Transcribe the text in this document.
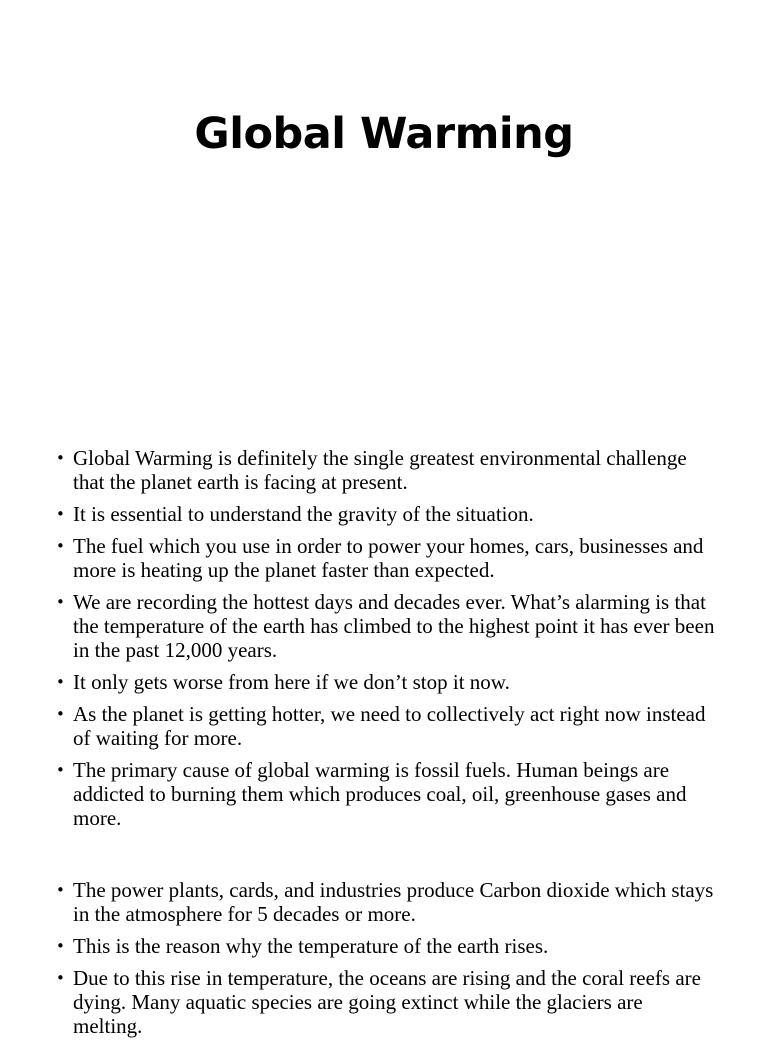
Global Warming
• Global Warming is definitely the single greatest environmental challenge that the planet earth is facing at present.
• It is essential to understand the gravity of the situation.
• The fuel which you use in order to power your homes, cars, businesses and more is heating up the planet faster than expected.
• We are recording the hottest days and decades ever. What’s alarming is that the temperature of the earth has climbed to the highest point it has ever been in the past 12,000 years.
• It only gets worse from here if we don’t stop it now.
• As the planet is getting hotter, we need to collectively act right now instead of waiting for more.
• The primary cause of global warming is fossil fuels. Human beings are addicted to burning them which produces coal, oil, greenhouse gases and more.
• The power plants, cards, and industries produce Carbon dioxide which stays in the atmosphere for 5 decades or more.
• This is the reason why the temperature of the earth rises.
• Due to this rise in temperature, the oceans are rising and the coral reefs are dying. Many aquatic species are going extinct while the glaciers are melting.
